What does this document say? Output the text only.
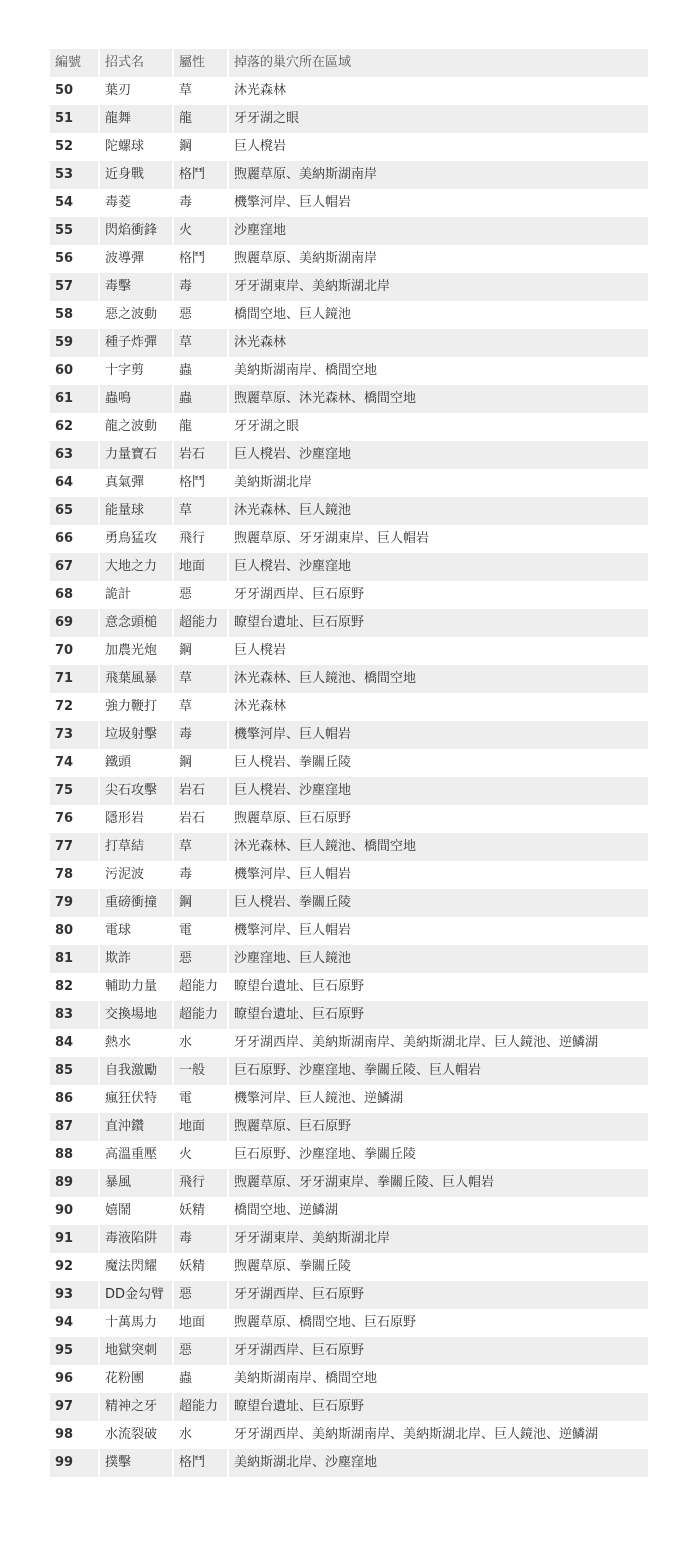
編號	招式名	屬性	掉落的巢穴所在區域
50	葉刃	草	沐光森林
51	龍舞	龍	牙牙湖之眼
52	陀螺球	鋼	巨人櫈岩
53	近身戰	格鬥	煦麗草原、美納斯湖南岸
54	毒菱	毒	機擎河岸、巨人帽岩
55	閃焰衝鋒	火	沙塵窪地
56	波導彈	格鬥	煦麗草原、美納斯湖南岸
57	毒擊	毒	牙牙湖東岸、美納斯湖北岸
58	惡之波動	惡	橋間空地、巨人鏡池
59	種子炸彈	草	沐光森林
60	十字剪	蟲	美納斯湖南岸、橋間空地
61	蟲鳴	蟲	煦麗草原、沐光森林、橋間空地
62	龍之波動	龍	牙牙湖之眼
63	力量寶石	岩石	巨人櫈岩、沙塵窪地
64	真氣彈	格鬥	美納斯湖北岸
65	能量球	草	沐光森林、巨人鏡池
66	勇鳥猛攻	飛行	煦麗草原、牙牙湖東岸、巨人帽岩
67	大地之力	地面	巨人櫈岩、沙塵窪地
68	詭計	惡	牙牙湖西岸、巨石原野
69	意念頭槌	超能力	瞭望台遺址、巨石原野
70	加農光炮	鋼	巨人櫈岩
71	飛葉風暴	草	沐光森林、巨人鏡池、橋間空地
72	強力鞭打	草	沐光森林
73	垃圾射擊	毒	機擎河岸、巨人帽岩
74	鐵頭	鋼	巨人櫈岩、拳關丘陵
75	尖石攻擊	岩石	巨人櫈岩、沙塵窪地
76	隱形岩	岩石	煦麗草原、巨石原野
77	打草結	草	沐光森林、巨人鏡池、橋間空地
78	污泥波	毒	機擎河岸、巨人帽岩
79	重磅衝撞	鋼	巨人櫈岩、拳關丘陵
80	電球	電	機擎河岸、巨人帽岩
81	欺詐	惡	沙塵窪地、巨人鏡池
82	輔助力量	超能力	瞭望台遺址、巨石原野
83	交換場地	超能力	瞭望台遺址、巨石原野
84	熱水	水	牙牙湖西岸、美納斯湖南岸、美納斯湖北岸、巨人鏡池、逆鱗湖
85	自我激勵	一般	巨石原野、沙塵窪地、拳關丘陵、巨人帽岩
86	瘋狂伏特	電	機擎河岸、巨人鏡池、逆鱗湖
87	直沖鑽	地面	煦麗草原、巨石原野
88	高溫重壓	火	巨石原野、沙塵窪地、拳關丘陵
89	暴風	飛行	煦麗草原、牙牙湖東岸、拳關丘陵、巨人帽岩
90	嬉鬧	妖精	橋間空地、逆鱗湖
91	毒液陷阱	毒	牙牙湖東岸、美納斯湖北岸
92	魔法閃耀	妖精	煦麗草原、拳關丘陵
93	DD金勾臂	惡	牙牙湖西岸、巨石原野
94	十萬馬力	地面	煦麗草原、橋間空地、巨石原野
95	地獄突刺	惡	牙牙湖西岸、巨石原野
96	花粉團	蟲	美納斯湖南岸、橋間空地
97	精神之牙	超能力	瞭望台遺址、巨石原野
98	水流裂破	水	牙牙湖西岸、美納斯湖南岸、美納斯湖北岸、巨人鏡池、逆鱗湖
99	撲擊	格鬥	美納斯湖北岸、沙塵窪地
